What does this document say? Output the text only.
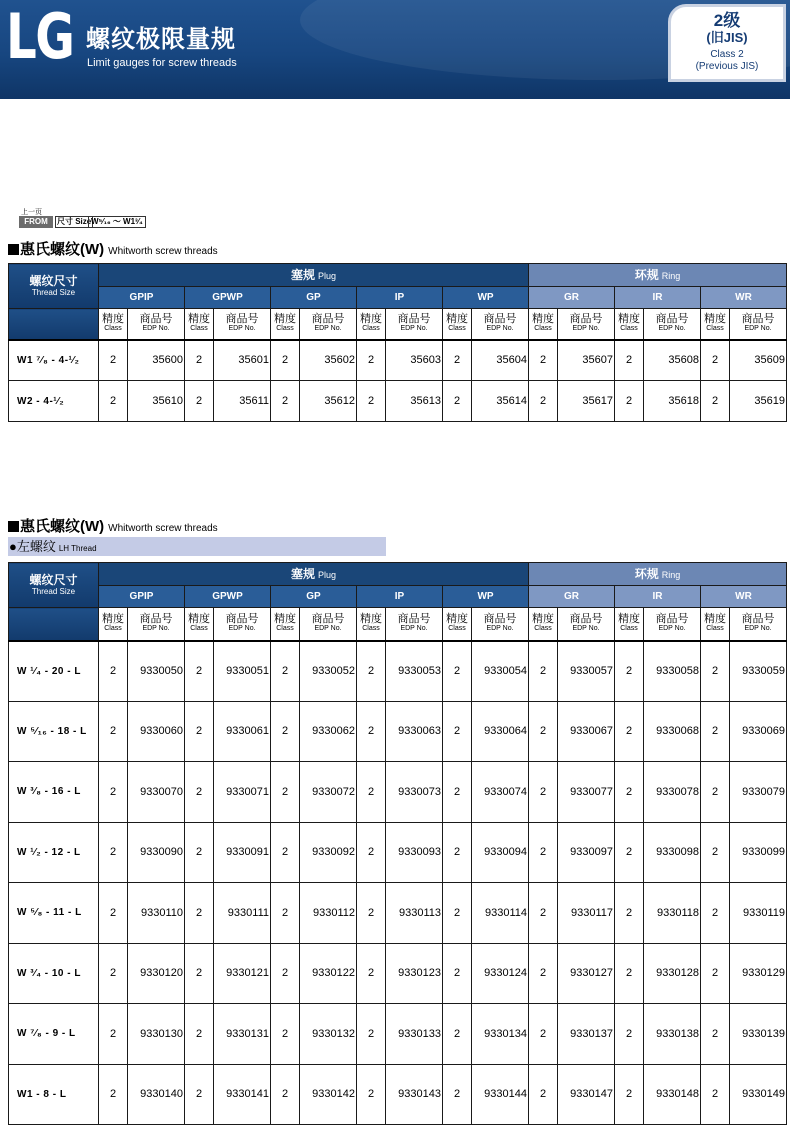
LG 螺纹极限量规
Limit gauges for screw threads
2级
(旧JIS)
Class 2
(Previous JIS)
上一页
FROM	尺寸 Size W⁵⁄₁₆ ～ W1³⁄₄
惠氏螺纹(W) Whitworth screw threads
螺纹尺寸
Thread Size	塞规 Plug										环规 Ring					
	GPIP		GPWP		GP		IP		WP		GR		IR		WR	

	精度
Class	商品号
EDP No.	精度
Class	商品号
EDP No.	精度
Class	商品号
EDP No.	精度
Class	商品号
EDP No.	精度
Class	商品号
EDP No.	精度
Class	商品号
EDP No.	精度
Class	商品号
EDP No.	精度
Class	商品号
EDP No.

W1 ⁷⁄₈ - 4-¹⁄₂	2	35600	2	35601	2	35602	2	35603	2	35604	2	35607	2	35608	2	35609
W2 - 4-¹⁄₂	2	35610	2	35611	2	35612	2	35613	2	35614	2	35617	2	35618	2	35619
惠氏螺纹(W) Whitworth screw threads
●左螺纹 LH Thread
螺纹尺寸
Thread Size	塞规 Plug										环规 Ring					
	GPIP		GPWP		GP		IP		WP		GR		IR		WR	

	精度
Class	商品号
EDP No.	精度
Class	商品号
EDP No.	精度
Class	商品号
EDP No.	精度
Class	商品号
EDP No.	精度
Class	商品号
EDP No.	精度
Class	商品号
EDP No.	精度
Class	商品号
EDP No.	精度
Class	商品号
EDP No.

W ¹⁄₄ - 20 - L	2	9330050	2	9330051	2	9330052	2	9330053	2	9330054	2	9330057	2	9330058	2	9330059
W ⁵⁄₁₆ - 18 - L	2	9330060	2	9330061	2	9330062	2	9330063	2	9330064	2	9330067	2	9330068	2	9330069
W ³⁄₈ - 16 - L	2	9330070	2	9330071	2	9330072	2	9330073	2	9330074	2	9330077	2	9330078	2	9330079
W ¹⁄₂ - 12 - L	2	9330090	2	9330091	2	9330092	2	9330093	2	9330094	2	9330097	2	9330098	2	9330099
W ⁵⁄₈ - 11 - L	2	9330110	2	9330111	2	9330112	2	9330113	2	9330114	2	9330117	2	9330118	2	9330119
W ³⁄₄ - 10 - L	2	9330120	2	9330121	2	9330122	2	9330123	2	9330124	2	9330127	2	9330128	2	9330129
W ⁷⁄₈ - 9 - L	2	9330130	2	9330131	2	9330132	2	9330133	2	9330134	2	9330137	2	9330138	2	9330139
W1 - 8 - L	2	9330140	2	9330141	2	9330142	2	9330143	2	9330144	2	9330147	2	9330148	2	9330149
